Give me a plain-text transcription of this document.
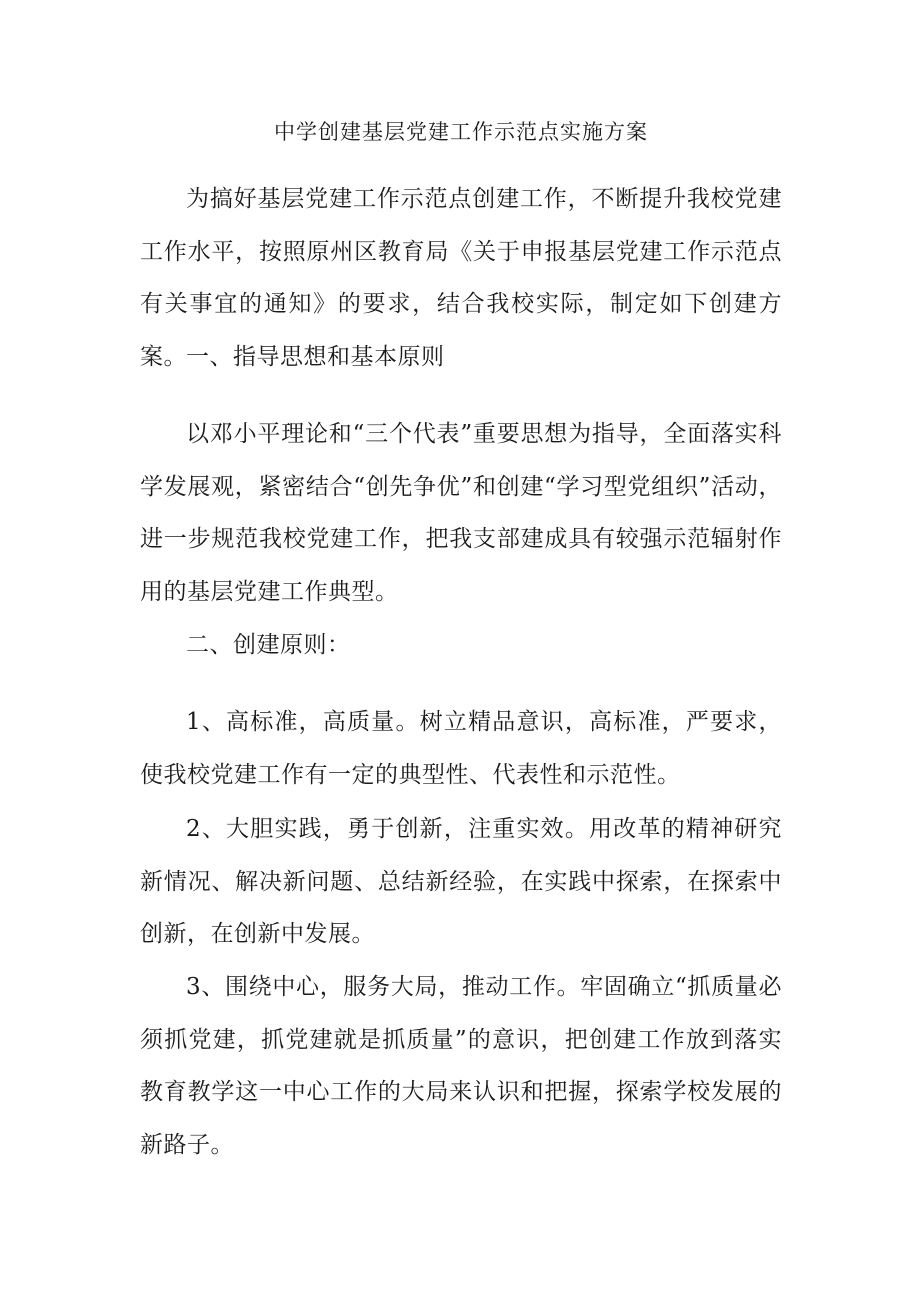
中学创建基层党建工作示范点实施方案

为搞好基层党建工作示范点创建工作，不断提升我校党建工作水平，按照原州区教育局《关于申报基层党建工作示范点有关事宜的通知》的要求，结合我校实际，制定如下创建方案。 一、指导思想和基本原则

以邓小平理论和“三个代表”重要思想为指导，全面落实科学发展观，紧密结合“创先争优”和创建“学习型党组织”活动，进一步规范我校党建工作，把我支部建成具有较强示范辐射作用的基层党建工作典型。

二、创建原则：

1、高标准，高质量。树立精品意识，高标准，严要求，使我校党建工作有一定的典型性、代表性和示范性。

2、大胆实践，勇于创新，注重实效。用改革的精神研究新情况、解决新问题、总结新经验，在实践中探索，在探索中创新，在创新中发展。

3、围绕中心，服务大局，推动工作。牢固确立“抓质量必须抓党建，抓党建就是抓质量”的意识，把创建工作放到落实教育教学这一中心工作的大局来认识和把握，探索学校发展的新路子。
